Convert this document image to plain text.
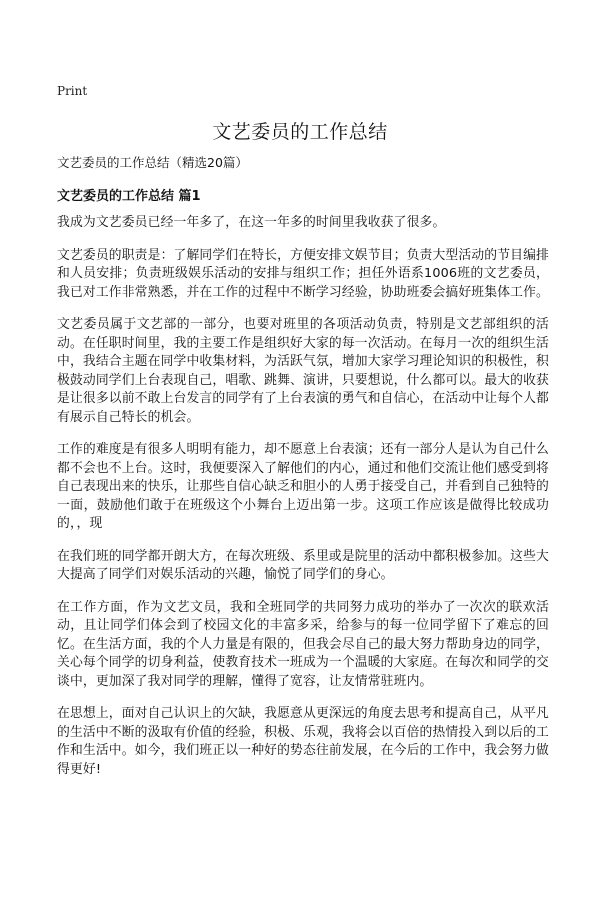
Print
文艺委员的工作总结

文艺委员的工作总结（精选20篇）

文艺委员的工作总结 篇1

我成为文艺委员已经一年多了，在这一年多的时间里我收获了很多。

文艺委员的职责是：了解同学们在特长，方便安排文娱节目；负责大型活动的节目编排和人员安排；负责班级娱乐活动的安排与组织工作；担任外语系1006班的文艺委员，我已对工作非常熟悉，并在工作的过程中不断学习经验，协助班委会搞好班集体工作。

文艺委员属于文艺部的一部分，也要对班里的各项活动负责，特别是文艺部组织的活动。在任职时间里，我的主要工作是组织好大家的每一次活动。在每月一次的组织生活中，我结合主题在同学中收集材料，为活跃气氛，增加大家学习理论知识的积极性，积极鼓动同学们上台表现自己，唱歌、跳舞、演讲，只要想说，什么都可以。最大的收获是让很多以前不敢上台发言的同学有了上台表演的勇气和自信心，在活动中让每个人都有展示自己特长的机会。

工作的难度是有很多人明明有能力，却不愿意上台表演；还有一部分人是认为自己什么都不会也不上台。这时，我便要深入了解他们的内心，通过和他们交流让他们感受到将自己表现出来的快乐，让那些自信心缺乏和胆小的人勇于接受自己，并看到自己独特的一面，鼓励他们敢于在班级这个小舞台上迈出第一步。这项工作应该是做得比较成功的，，现

在我们班的同学都开朗大方，在每次班级、系里或是院里的活动中都积极参加。这些大大提高了同学们对娱乐活动的兴趣，愉悦了同学们的身心。

在工作方面，作为文艺文员，我和全班同学的共同努力成功的举办了一次次的联欢活动，且让同学们体会到了校园文化的丰富多采，给参与的每一位同学留下了难忘的回忆。在生活方面，我的个人力量是有限的，但我会尽自己的最大努力帮助身边的同学，关心每个同学的切身利益，使教育技术一班成为一个温暖的大家庭。在每次和同学的交谈中，更加深了我对同学的理解，懂得了宽容，让友情常驻班内。

在思想上，面对自己认识上的欠缺，我愿意从更深远的角度去思考和提高自己，从平凡的生活中不断的汲取有价值的经验，积极、乐观，我将会以百倍的热情投入到以后的工作和生活中。如今，我们班正以一种好的势态往前发展，在今后的工作中，我会努力做得更好!
